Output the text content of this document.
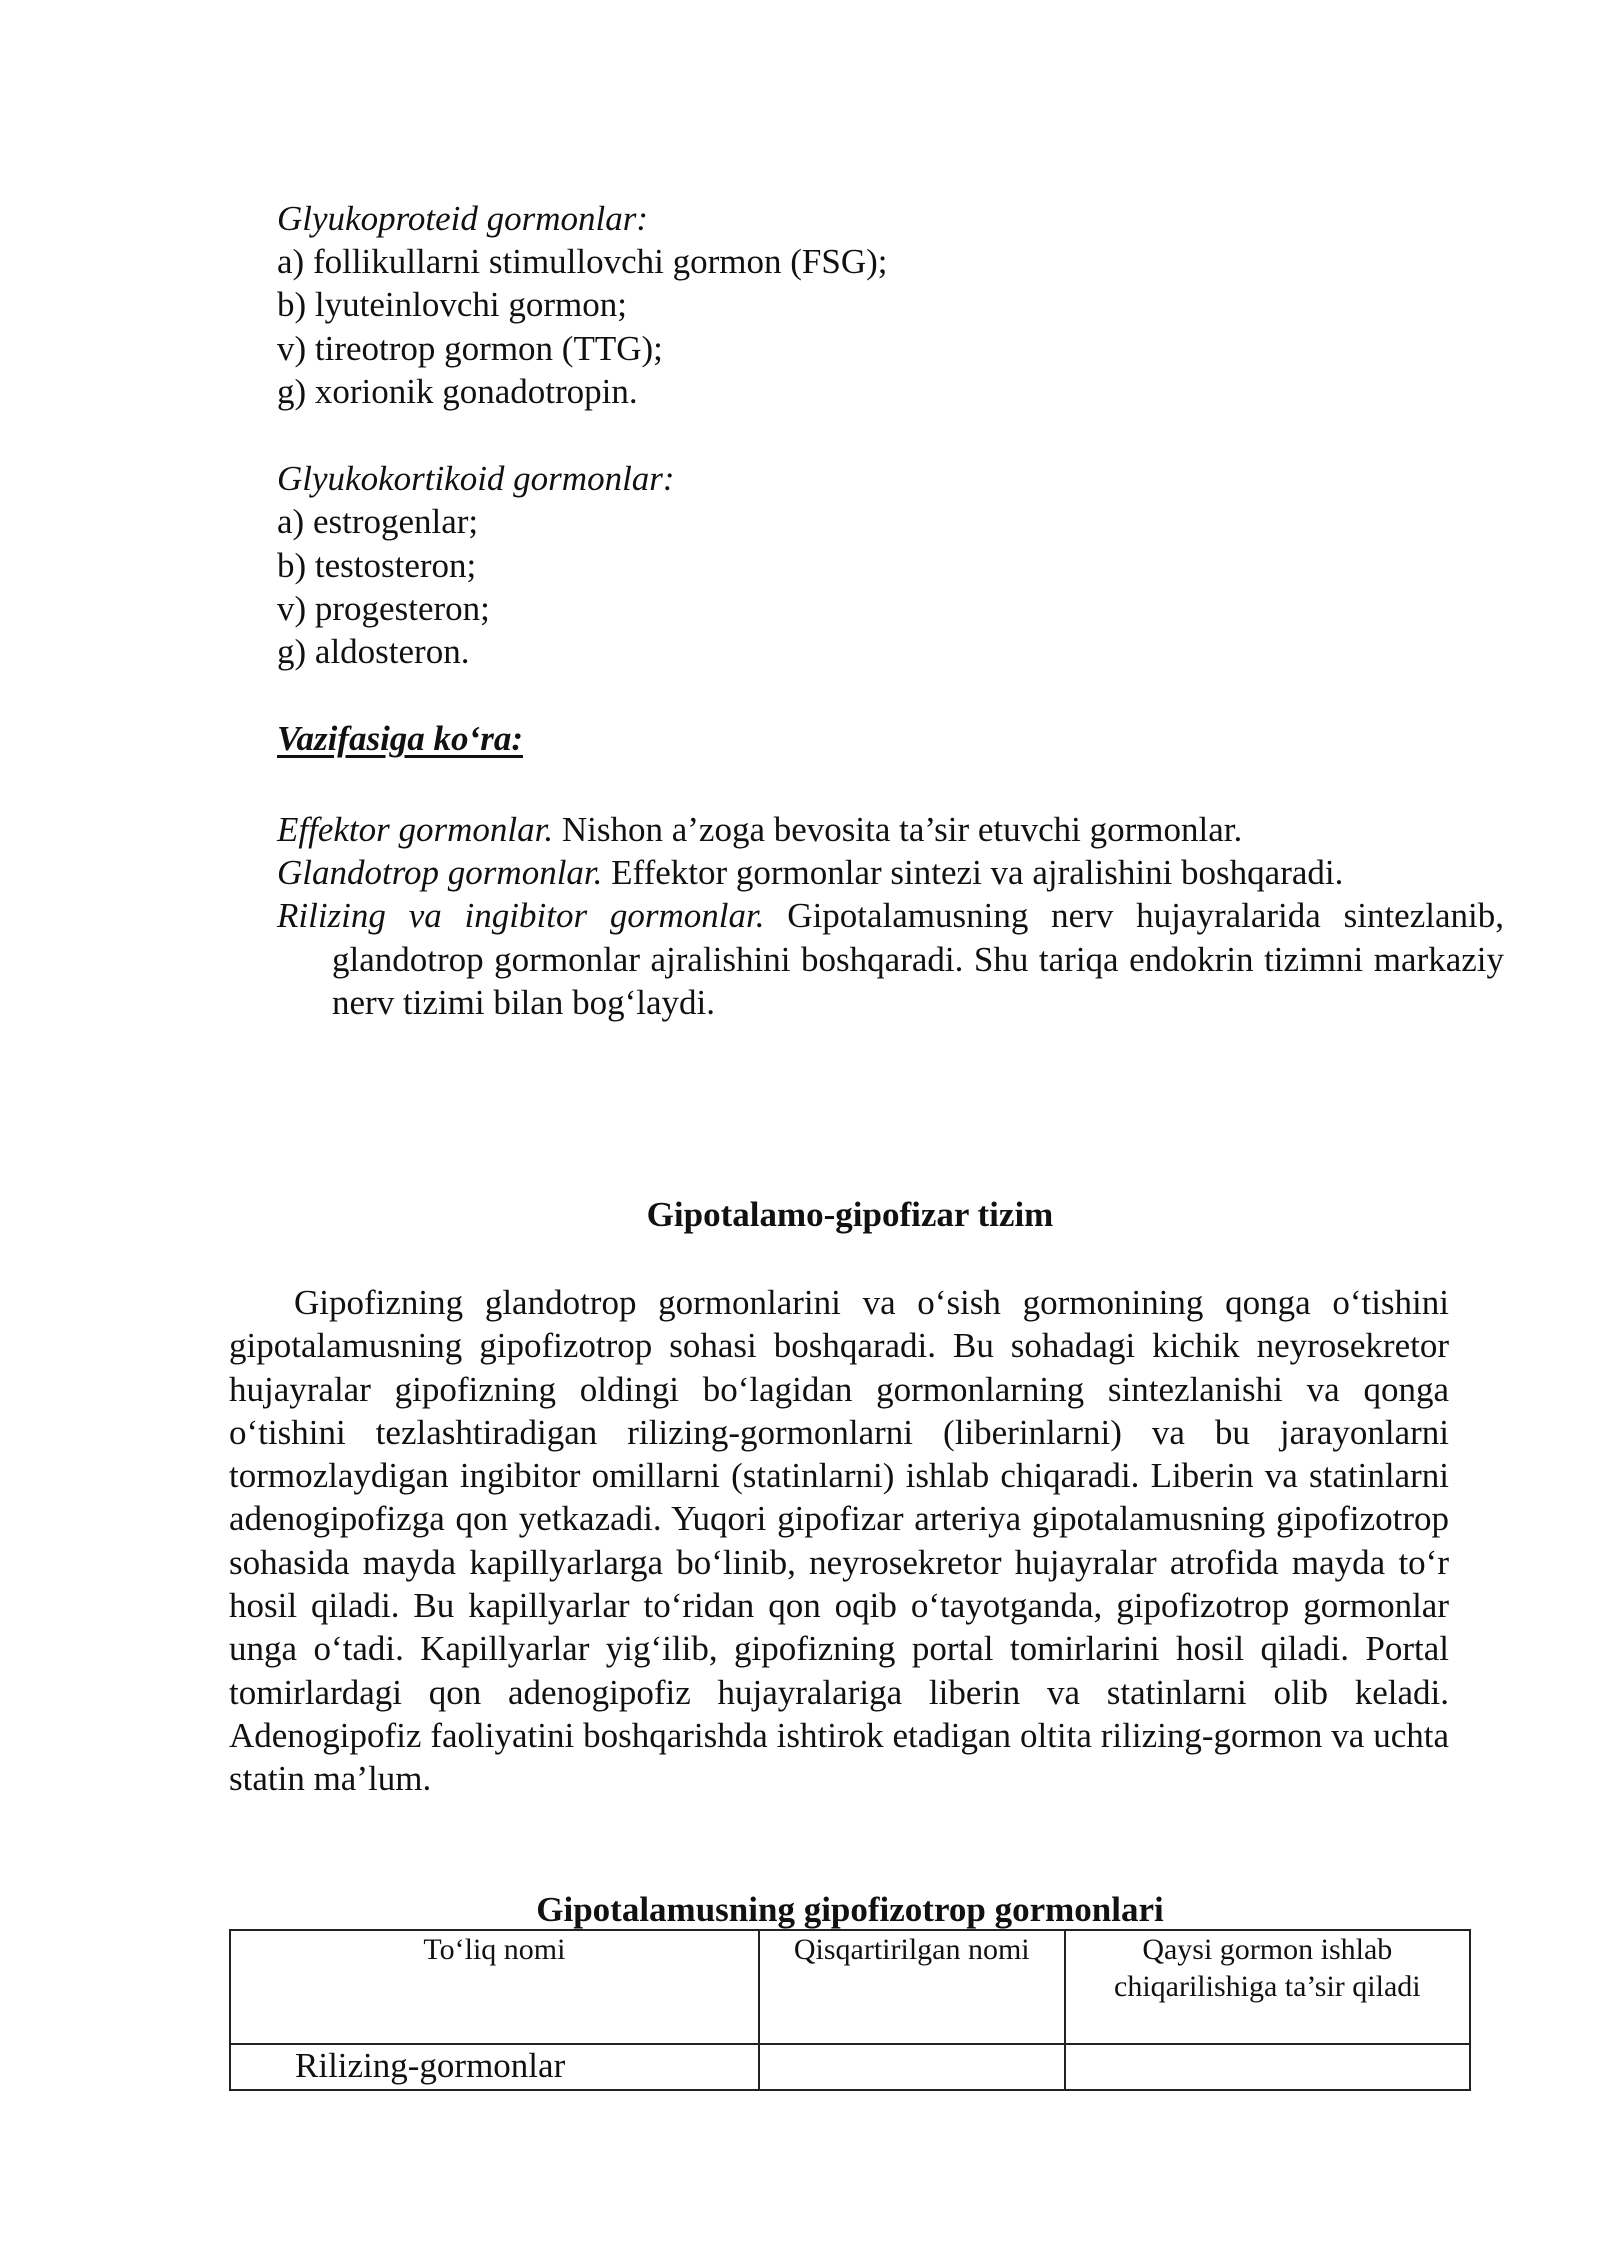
Glyukoproteid gormonlar:
a) follikullarni stimullovchi gormon (FSG);
b) lyuteinlovchi gormon;
v) tireotrop gormon (TTG);
g) xorionik gonadotropin.
Glyukokortikoid gormonlar:
a) estrogenlar;
b) testosteron;
v) progesteron;
g) aldosteron.
Vazifasiga ko‘ra:
Effektor gormonlar. Nishon a’zoga bevosita ta’sir etuvchi gormonlar.
Glandotrop gormonlar. Effektor gormonlar sintezi va ajralishini boshqaradi.
Rilizing va ingibitor gormonlar. Gipotalamusning nerv hujayralarida sintezlanib, glandotrop gormonlar ajralishini boshqaradi. Shu tariqa endokrin tizimni markaziy nerv tizimi bilan bog‘laydi.
Gipotalamo-gipofizar tizim
Gipofizning glandotrop gormonlarini va o‘sish gormonining qonga o‘tishini gipotalamusning gipofizotrop sohasi boshqaradi. Bu sohadagi kichik neyrosekretor hujayralar gipofizning oldingi bo‘lagidan gormonlarning sintezlanishi va qonga o‘tishini tezlashtiradigan rilizing-gormonlarni (liberinlarni) va bu jarayonlarni tormozlaydigan ingibitor omillarni (statinlarni) ishlab chiqaradi. Liberin va statinlarni adenogipofizga qon yetkazadi. Yuqori gipofizar arteriya gipotalamusning gipofizotrop sohasida mayda kapillyarlarga bo‘linib, neyrosekretor hujayralar atrofida mayda to‘r hosil qiladi. Bu kapillyarlar to‘ridan qon oqib o‘tayotganda, gipofizotrop gormonlar unga o‘tadi. Kapillyarlar yig‘ilib, gipofizning portal tomirlarini hosil qiladi. Portal tomirlardagi qon adenogipofiz hujayralariga liberin va statinlarni olib keladi. Adenogipofiz faoliyatini boshqarishda ishtirok etadigan oltita rilizing-gormon va uchta statin ma’lum.
Gipotalamusning gipofizotrop gormonlari
To‘liq nomi	Qisqartirilgan nomi	Qaysi gormon ishlab chiqarilishiga ta’sir qiladi
Rilizing-gormonlar		
